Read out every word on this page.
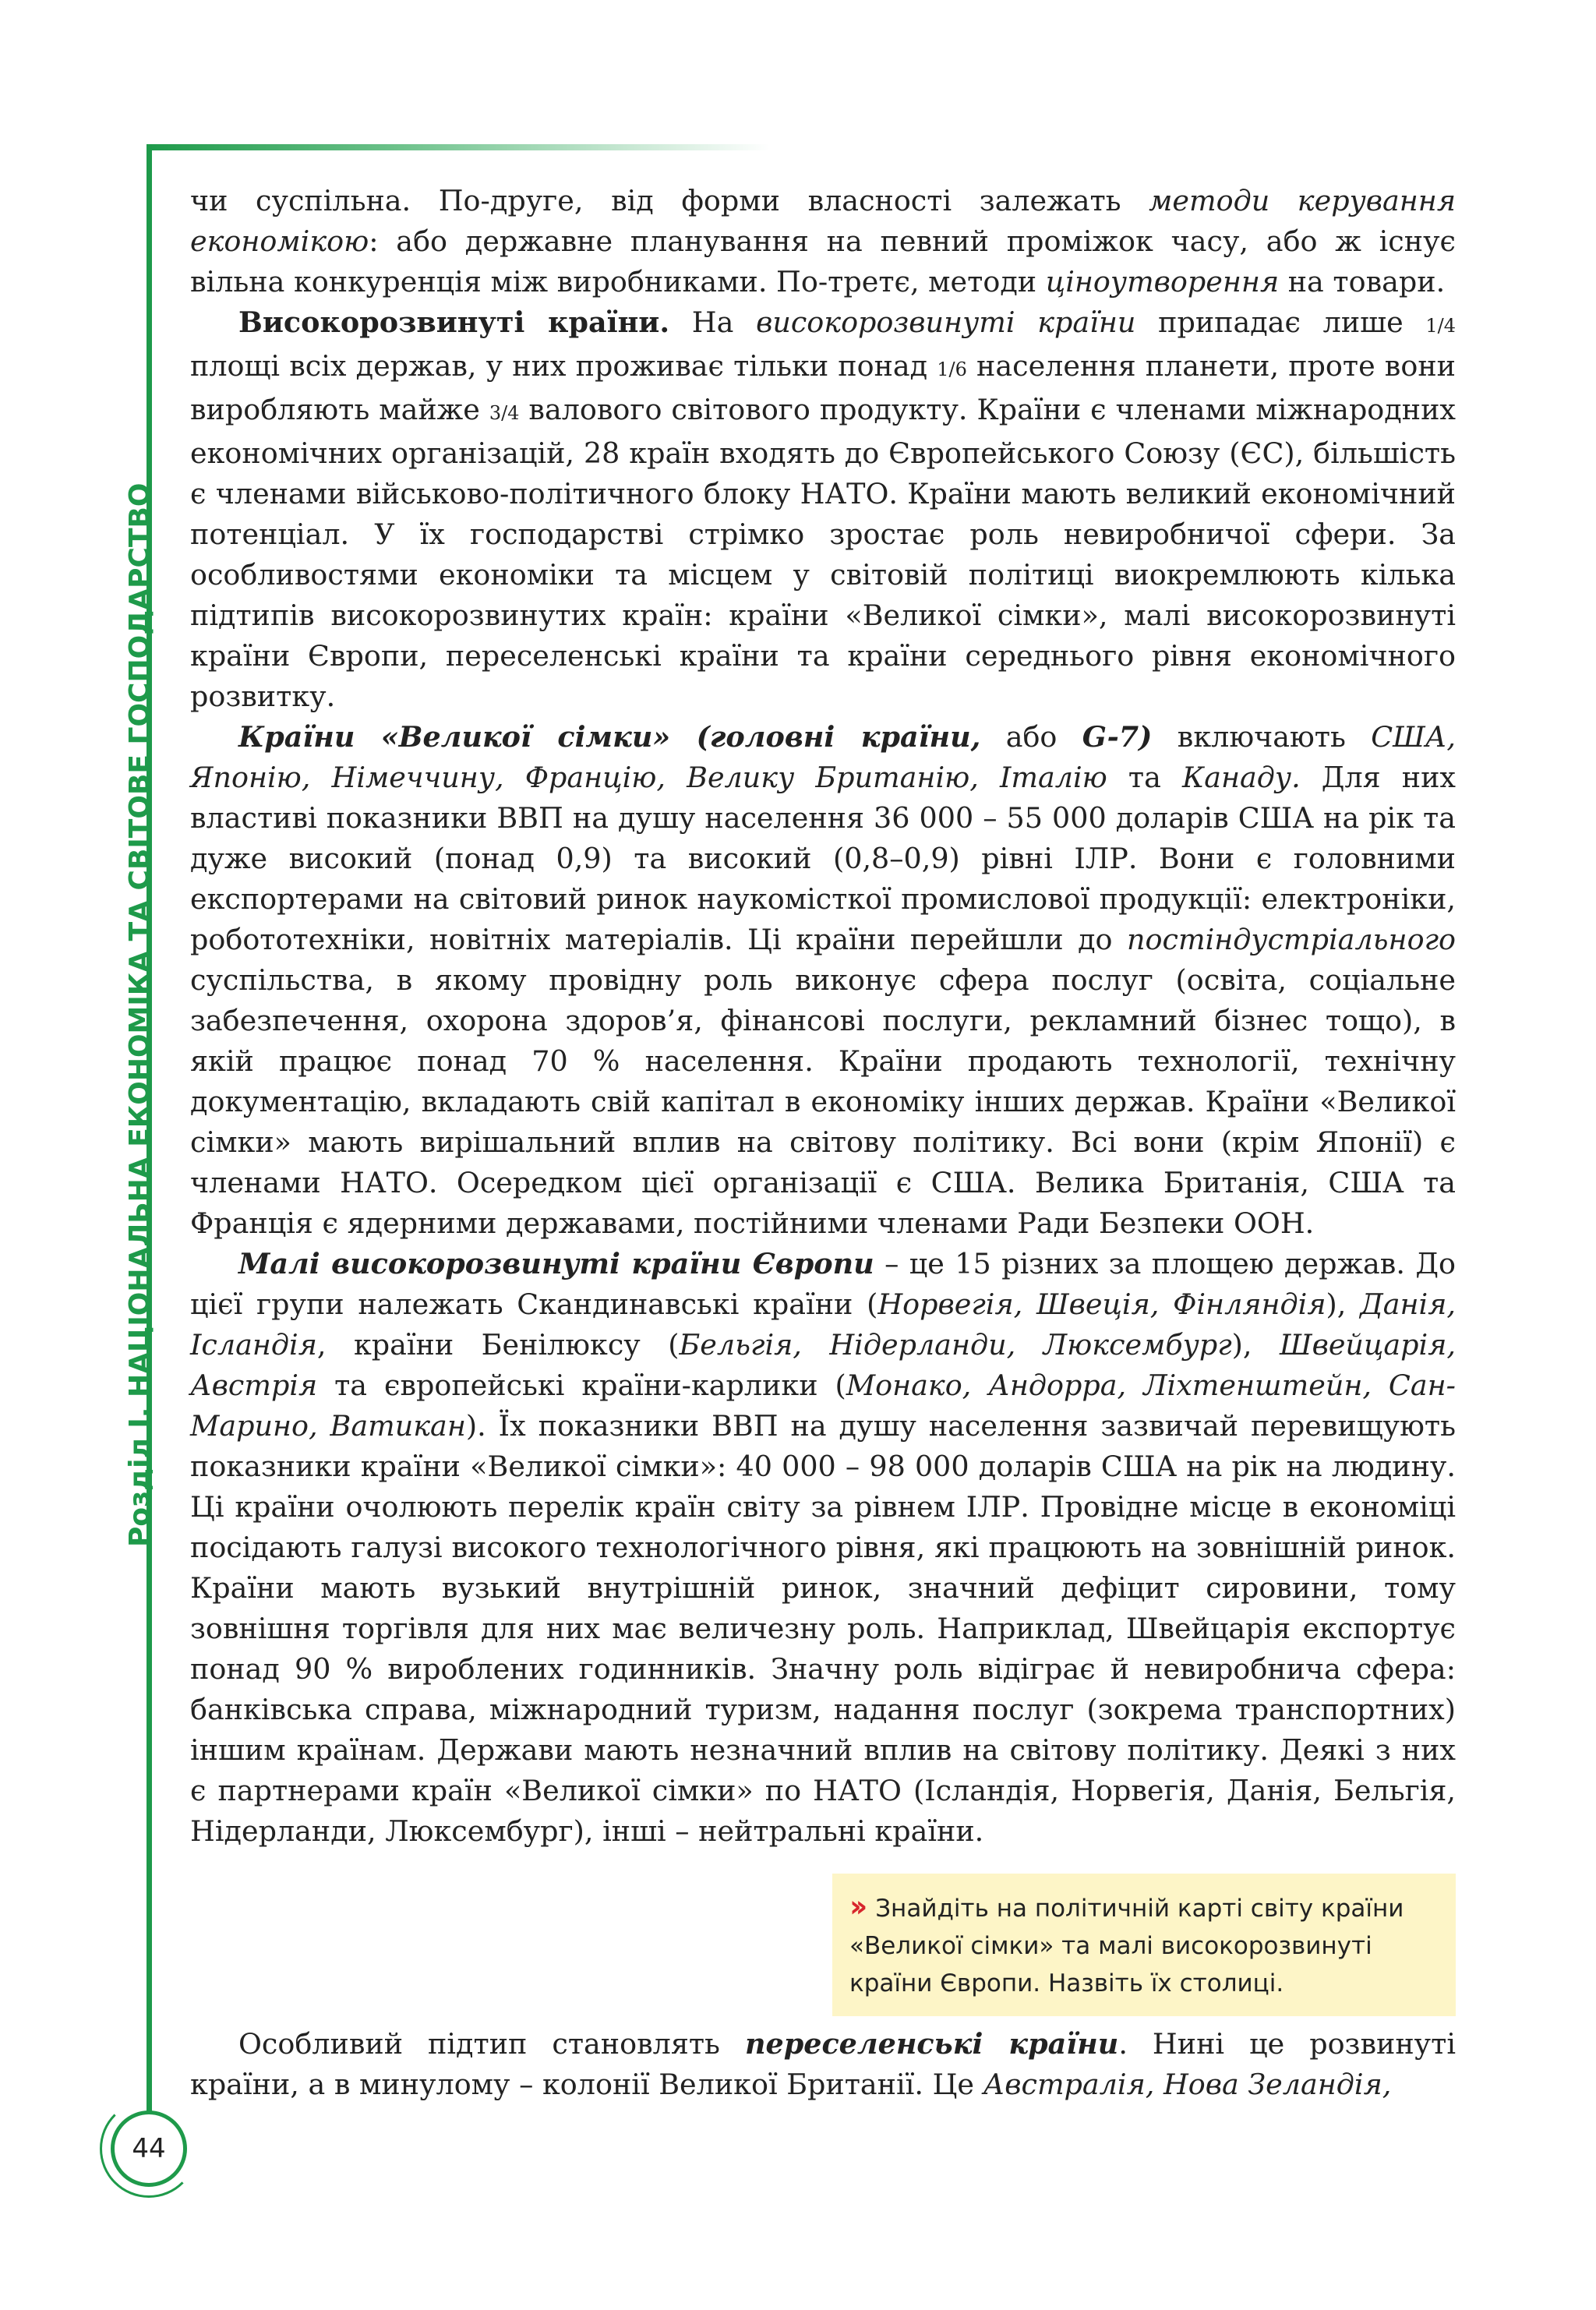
Розділ I. НАЦІОНАЛЬНА ЕКОНОМІКА ТА СВІТОВЕ ГОСПОДАРСТВО

чи суспільна. По-друге, від форми власності залежать методи керування економікою: або державне планування на певний проміжок часу, або ж існує вільна конкуренція між виробниками. По-третє, методи ціноутворення на товари.

Високорозвинуті країни. На високорозвинуті країни припадає лише 1/4 площі всіх держав, у них проживає тільки понад 1/6 населення планети, проте вони виробляють майже 3/4 валового світового продукту. Країни є членами міжнародних економічних організацій, 28 країн входять до Європейського Союзу (ЄС), більшість є членами військово-політичного блоку НАТО. Країни мають великий економічний потенціал. У їх господарстві стрімко зростає роль невиробничої сфери. За особливостями економіки та місцем у світовій політиці виокремлюють кілька підтипів високорозвинутих країн: країни «Великої сімки», малі високорозвинуті країни Європи, переселенські країни та країни середнього рівня економічного розвитку.

Країни «Великої сімки» (головні країни, або G-7) включають США, Японію, Німеччину, Францію, Велику Британію, Італію та Канаду. Для них властиві показники ВВП на душу населення 36 000 – 55 000 доларів США на рік та дуже високий (понад 0,9) та високий (0,8–0,9) рівні ІЛР. Вони є головними експортерами на світовий ринок наукомісткої промислової продукції: електроніки, робототехніки, новітніх матеріалів. Ці країни перейшли до постіндустріального суспільства, в якому провідну роль виконує сфера послуг (освіта, соціальне забезпечення, охорона здоров’я, фінансові послуги, рекламний бізнес тощо), в якій працює понад 70 % населення. Країни продають технології, технічну документацію, вкладають свій капітал в економіку інших держав. Країни «Великої сімки» мають вирішальний вплив на світову політику. Всі вони (крім Японії) є членами НАТО. Осередком цієї організації є США. Велика Британія, США та Франція є ядерними державами, постійними членами Ради Безпеки ООН.

Малі високорозвинуті країни Європи – це 15 різних за площею держав. До цієї групи належать Скандинавські країни (Норвегія, Швеція, Фінляндія), Данія, Ісландія, країни Бенілюксу (Бельгія, Нідерланди, Люксембург), Швейцарія, Австрія та європейські країни-карлики (Монако, Андорра, Ліхтенштейн, Сан-Марино, Ватикан). Їх показники ВВП на душу населення зазвичай перевищують показники країни «Великої сімки»: 40 000 – 98 000 доларів США на рік на людину. Ці країни очолюють перелік країн світу за рівнем ІЛР. Провідне місце в економіці посідають галузі високого технологічного рівня, які працюють на зовнішній ринок. Країни мають вузький внутрішній ринок, значний дефіцит сировини, тому зовнішня торгівля для них має величезну роль. Наприклад, Швейцарія експортує понад 90 % вироблених годинників. Значну роль відіграє й невиробнича сфера: банківська справа, міжнародний туризм, надання послуг (зокрема транспортних) іншим країнам. Держави мають незначний вплив на світову політику. Деякі з них є партнерами країн «Великої сімки» по НАТО (Ісландія, Норвегія, Данія, Бельгія, Нідерланди, Люксембург), інші – нейтральні країни.

›› Знайдіть на політичній карті світу країни «Великої сімки» та малі високорозвинуті країни Європи. Назвіть їх столиці.

Особливий підтип становлять переселенські країни. Нині це розвинуті країни, а в минулому – колонії Великої Британії. Це Австралія, Нова Зеландія,

44
